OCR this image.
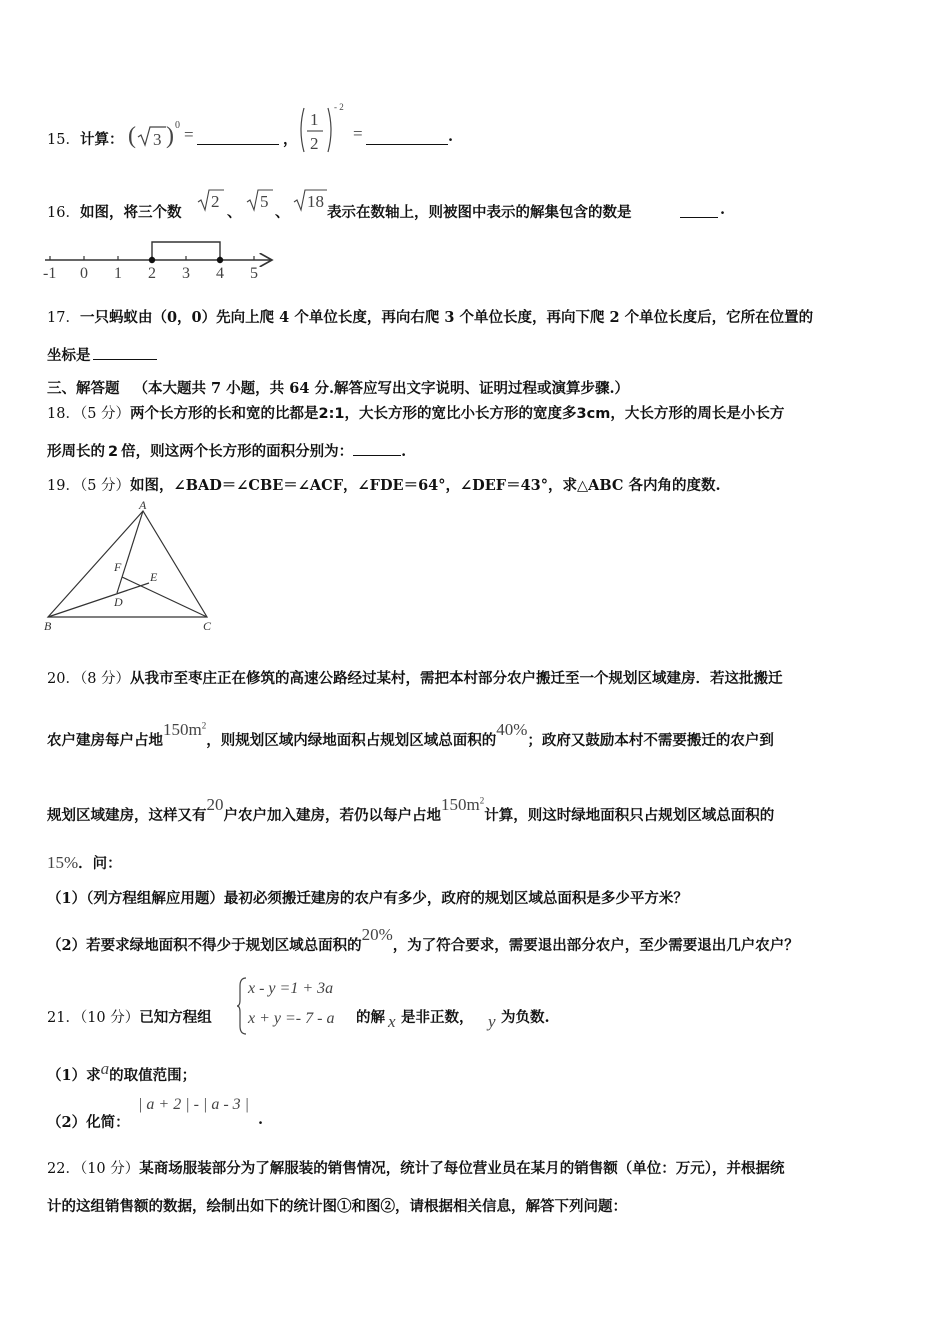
15．计算： ( 3 ) 0 =	，
1
2
- 2
=	.
16．如图，将三个数
2
、
5
、
18
表示在数轴上，则被图中表示的解集包含的数是	.
-1 0 1 2 3 4 5
17．一只蚂蚁由（0，0）先向上爬 4 个单位长度，再向右爬 3 个单位长度，再向下爬 2 个单位长度后，它所在位置的
坐标是
三、解答题 （本大题共 7 小题，共 64 分.解答应写出文字说明、证明过程或演算步骤.）
18．（5 分）两个长方形的长和宽的比都是2:1，大长方形的宽比小长方形的宽度多3cm，大长方形的周长是小长方
形周长的 2 倍，则这两个长方形的面积分别为：	.
19．（5 分）如图，∠BAD＝∠CBE＝∠ACF，∠FDE＝64°，∠DEF＝43°，求△ABC 各内角的度数.
A
B	C
D
E
F
20．（8 分）从我市至枣庄正在修筑的高速公路经过某村，需把本村部分农户搬迁至一个规划区域建房．若这批搬迁
农户建房每户占地$150m^2$，则规划区域内绿地面积占规划区域总面积的40%；政府又鼓励本村不需要搬迁的农户到
规划区域建房，这样又有20户农户加入建房，若仍以每户占地$150m^2$计算，则这时绿地面积只占规划区域总面积的
15%．问：
（1）（列方程组解应用题）最初必须搬迁建房的农户有多少，政府的规划区域总面积是多少平方米？
（2）若要求绿地面积不得少于规划区域总面积的20%，为了符合要求，需要退出部分农户，至少需要退出几户农户？
21．（10 分）已知方程组
x - y =1 + 3a
x + y =- 7 - a 的解 x 是非正数， y 为负数.
（1）求a的取值范围；
（2）化简：
| a + 2 | - | a - 3 |
.
22．（10 分）某商场服装部分为了解服装的销售情况，统计了每位营业员在某月的销售额（单位：万元），并根据统
计的这组销售额的数据，绘制出如下的统计图①和图②，请根据相关信息，解答下列问题：
